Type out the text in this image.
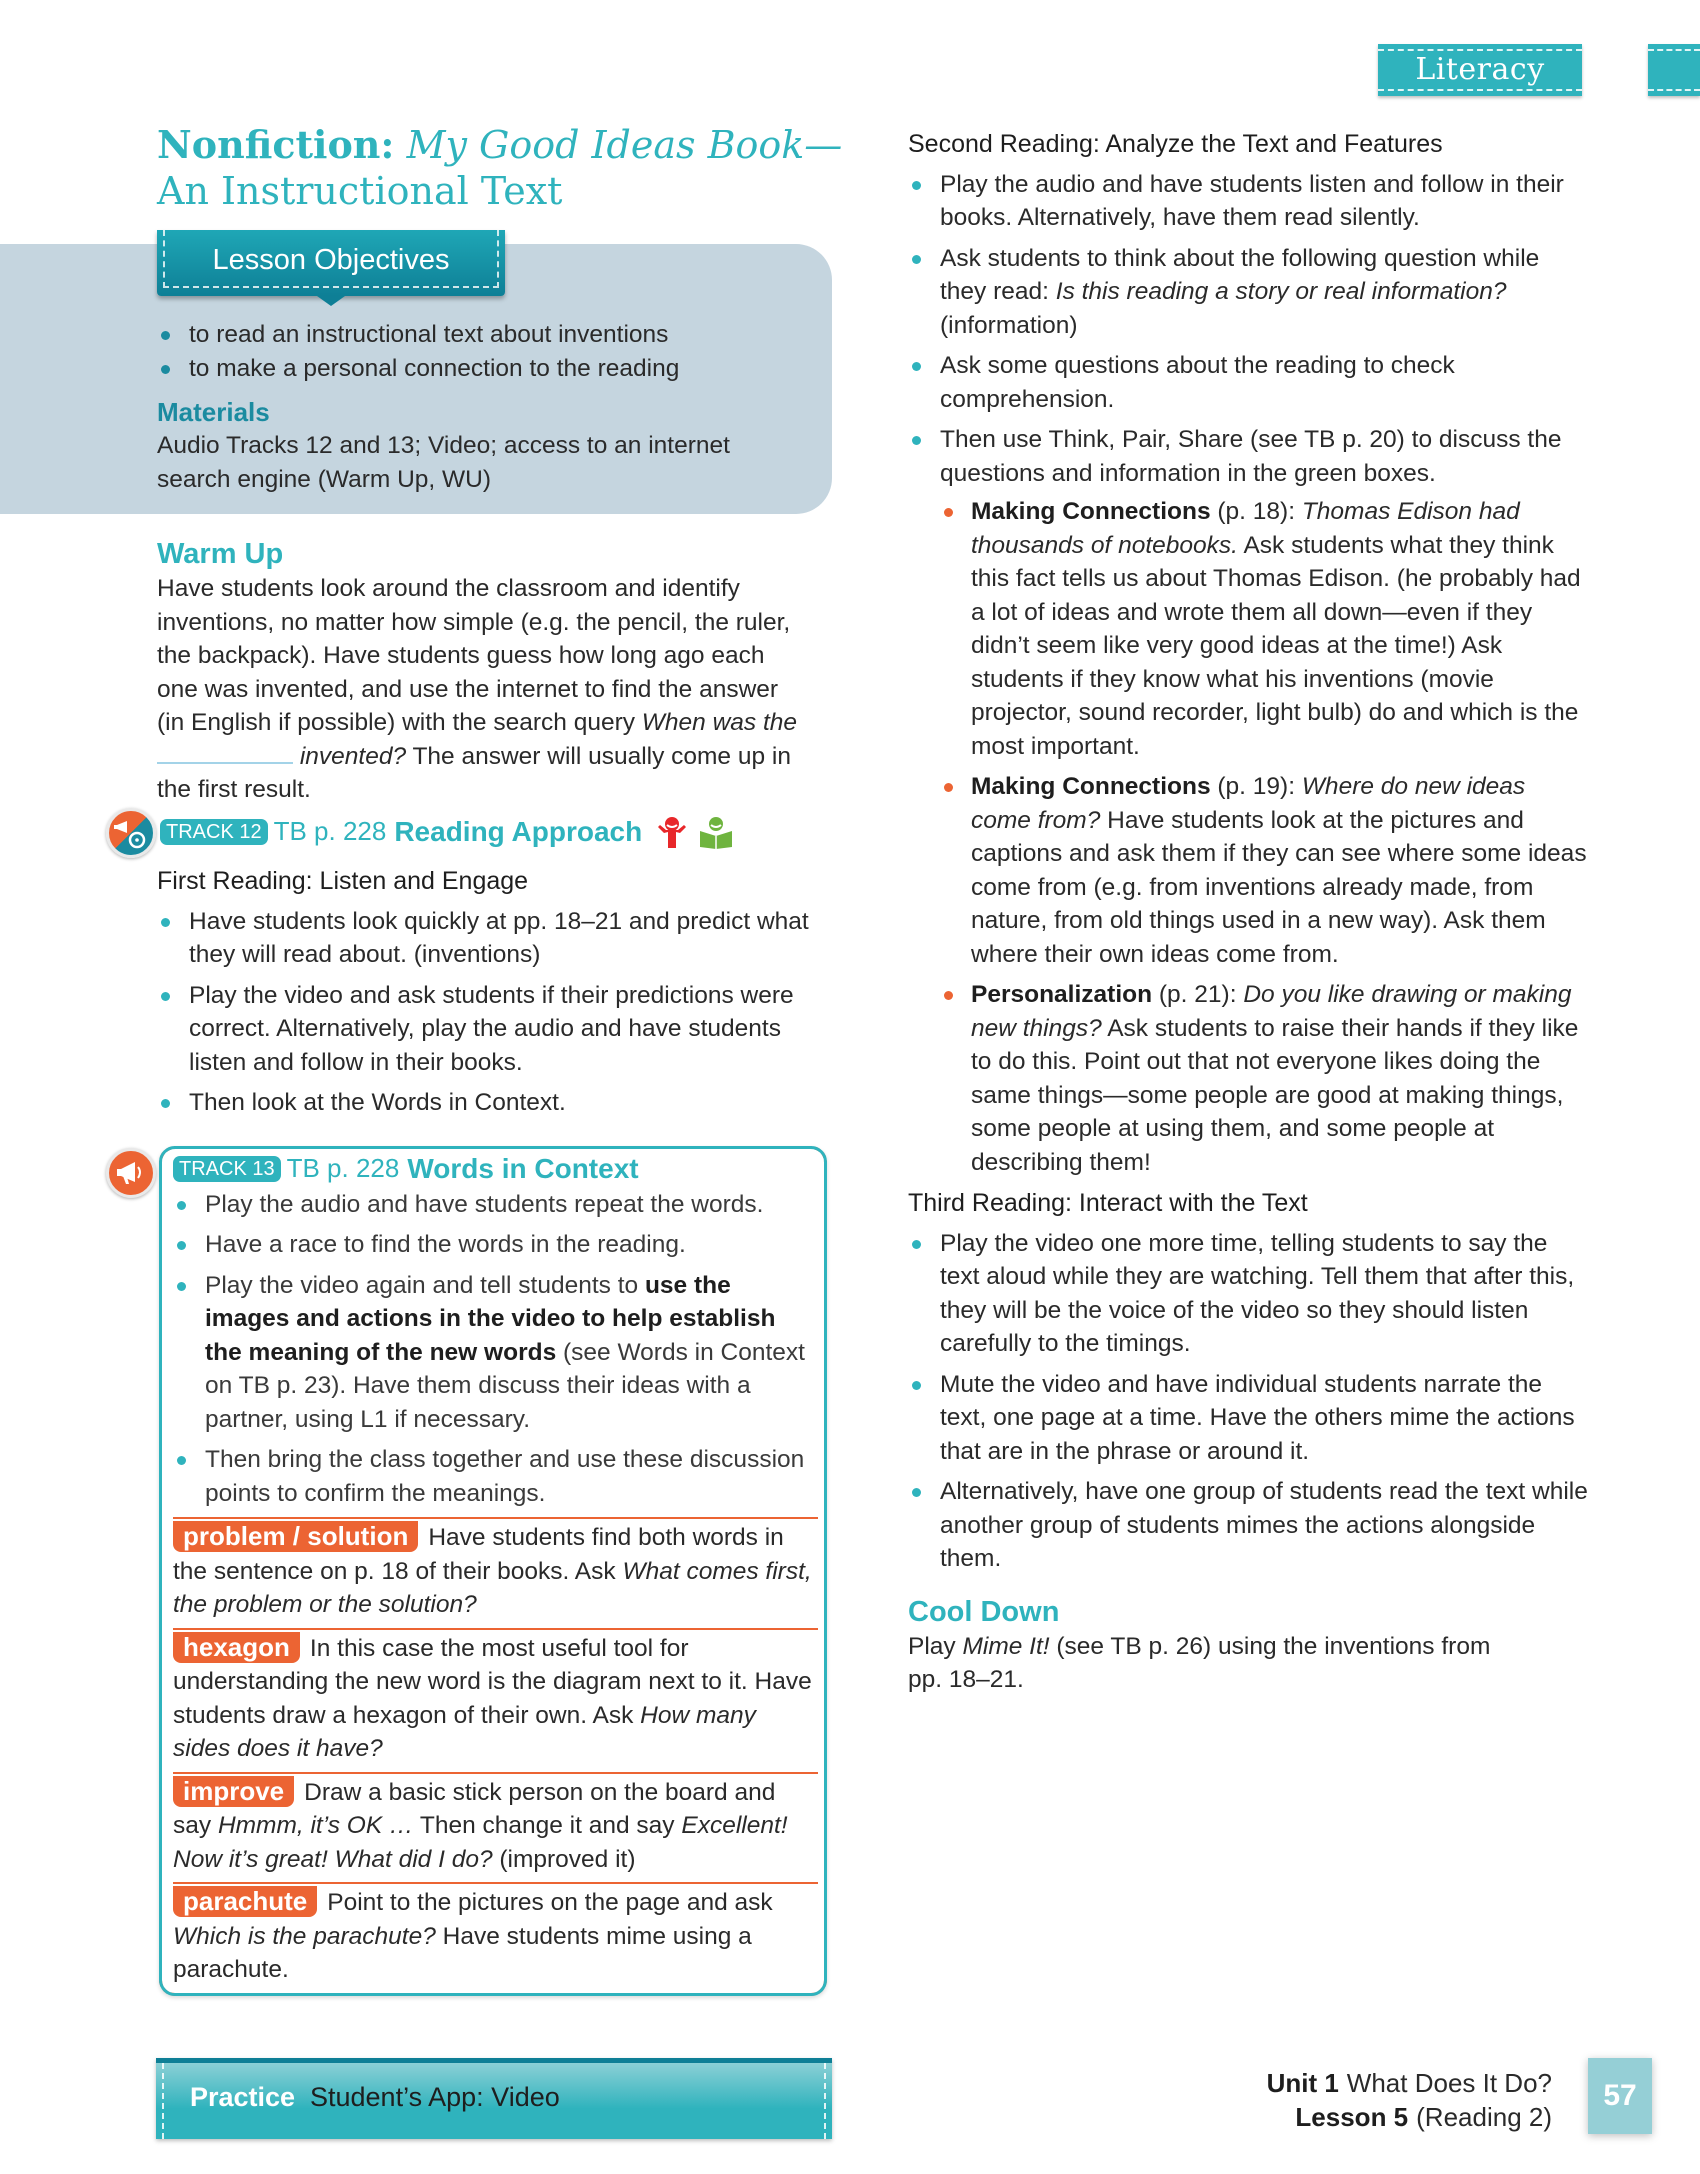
Literacy
Nonfiction: My Good Ideas Book—
An Instructional Text
Lesson Objectives
to read an instructional text about inventions
to make a personal connection to the reading
Materials
Audio Tracks 12 and 13; Video; access to an internet search engine (Warm Up, WU)
Warm Up
Have students look around the classroom and identify inventions, no matter how simple (e.g. the pencil, the ruler, the backpack). Have students guess how long ago each one was invented, and use the internet to find the answer (in English if possible) with the search query When was the  invented? The answer will usually come up in the first result.
TRACK 12 TB p. 228 Reading Approach
First Reading: Listen and Engage
Have students look quickly at pp. 18–21 and predict what they will read about. (inventions)
Play the video and ask students if their predictions were correct. Alternatively, play the audio and have students listen and follow in their books.
Then look at the Words in Context.
TRACK 13 TB p. 228 Words in Context
Play the audio and have students repeat the words.
Have a race to find the words in the reading.
Play the video again and tell students to use the images and actions in the video to help establish the meaning of the new words (see Words in Context on TB p. 23). Have them discuss their ideas with a partner, using L1 if necessary.
Then bring the class together and use these discussion points to confirm the meanings.
problem / solution Have students find both words in the sentence on p. 18 of their books. Ask What comes first, the problem or the solution?
hexagon In this case the most useful tool for understanding the new word is the diagram next to it. Have students draw a hexagon of their own. Ask How many sides does it have?
improve Draw a basic stick person on the board and say Hmmm, it’s OK … Then change it and say Excellent! Now it’s great! What did I do? (improved it)
parachute Point to the pictures on the page and ask Which is the parachute? Have students mime using a parachute.
Practice Student’s App: Video
Second Reading: Analyze the Text and Features
Play the audio and have students listen and follow in their books. Alternatively, have them read silently.
Ask students to think about the following question while they read: Is this reading a story or real information? (information)
Ask some questions about the reading to check comprehension.
Then use Think, Pair, Share (see TB p. 20) to discuss the questions and information in the green boxes.
Making Connections (p. 18): Thomas Edison had thousands of notebooks. Ask students what they think this fact tells us about Thomas Edison. (he probably had a lot of ideas and wrote them all down—even if they didn’t seem like very good ideas at the time!) Ask students if they know what his inventions (movie projector, sound recorder, light bulb) do and which is the most important.
Making Connections (p. 19): Where do new ideas come from? Have students look at the pictures and captions and ask them if they can see where some ideas come from (e.g. from inventions already made, from nature, from old things used in a new way). Ask them where their own ideas come from.
Personalization (p. 21): Do you like drawing or making new things? Ask students to raise their hands if they like to do this. Point out that not everyone likes doing the same things—some people are good at making things, some people at using them, and some people at describing them!
Third Reading: Interact with the Text
Play the video one more time, telling students to say the text aloud while they are watching. Tell them that after this, they will be the voice of the video so they should listen carefully to the timings.
Mute the video and have individual students narrate the text, one page at a time. Have the others mime the actions that are in the phrase or around it.
Alternatively, have one group of students read the text while another group of students mimes the actions alongside them.
Cool Down
Play Mime It! (see TB p. 26) using the inventions from pp. 18–21.
Unit 1 What Does It Do?
Lesson 5 (Reading 2)
57
